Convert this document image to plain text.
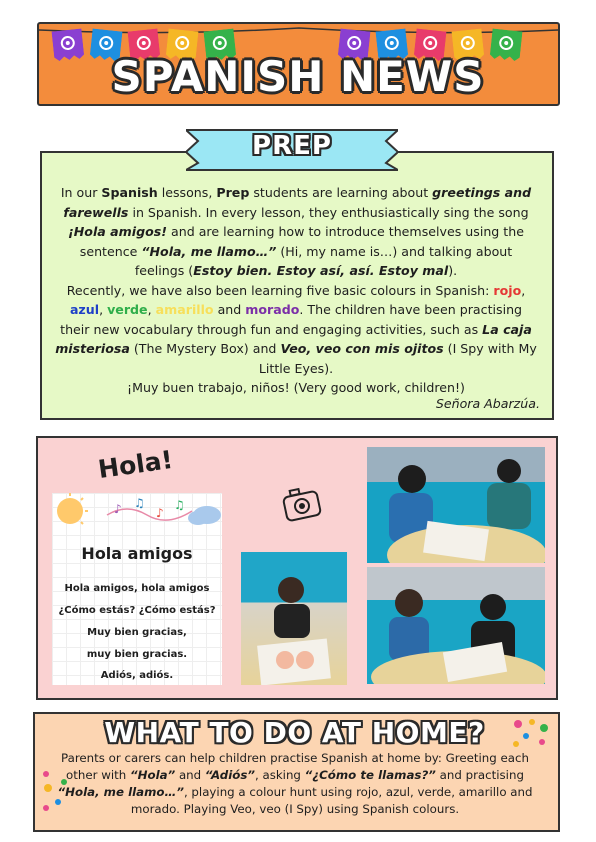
SPANISH NEWS
PREP
In our Spanish lessons, Prep students are learning about greetings and farewells in Spanish. In every lesson, they enthusiastically sing the song ¡Hola amigos! and are learning how to introduce themselves using the sentence “Hola, me llamo…” (Hi, my name is…) and talking about feelings (Estoy bien. Estoy así, así. Estoy mal).
Recently, we have also been learning five basic colours in Spanish: rojo, azul, verde, amarillo and morado. The children have been practising their new vocabulary through fun and engaging activities, such as La caja misteriosa (The Mystery Box) and Veo, veo con mis ojitos (I Spy with My Little Eyes).
¡Muy buen trabajo, niños! (Very good work, children!)
Señora Abarzúa.
Hola!
♪ ♫
♪
♫
Hola amigos
Hola amigos, hola amigos
¿Cómo estás? ¿Cómo estás?
Muy bien gracias,
muy bien gracias.
Adiós, adiós.
WHAT TO DO AT HOME?
Parents or carers can help children practise Spanish at home by: Greeting each other with “Hola” and “Adiós”, asking “¿Cómo te llamas?” and practising “Hola, me llamo…”, playing a colour hunt using rojo, azul, verde, amarillo and morado. Playing Veo, veo (I Spy) using Spanish colours.
